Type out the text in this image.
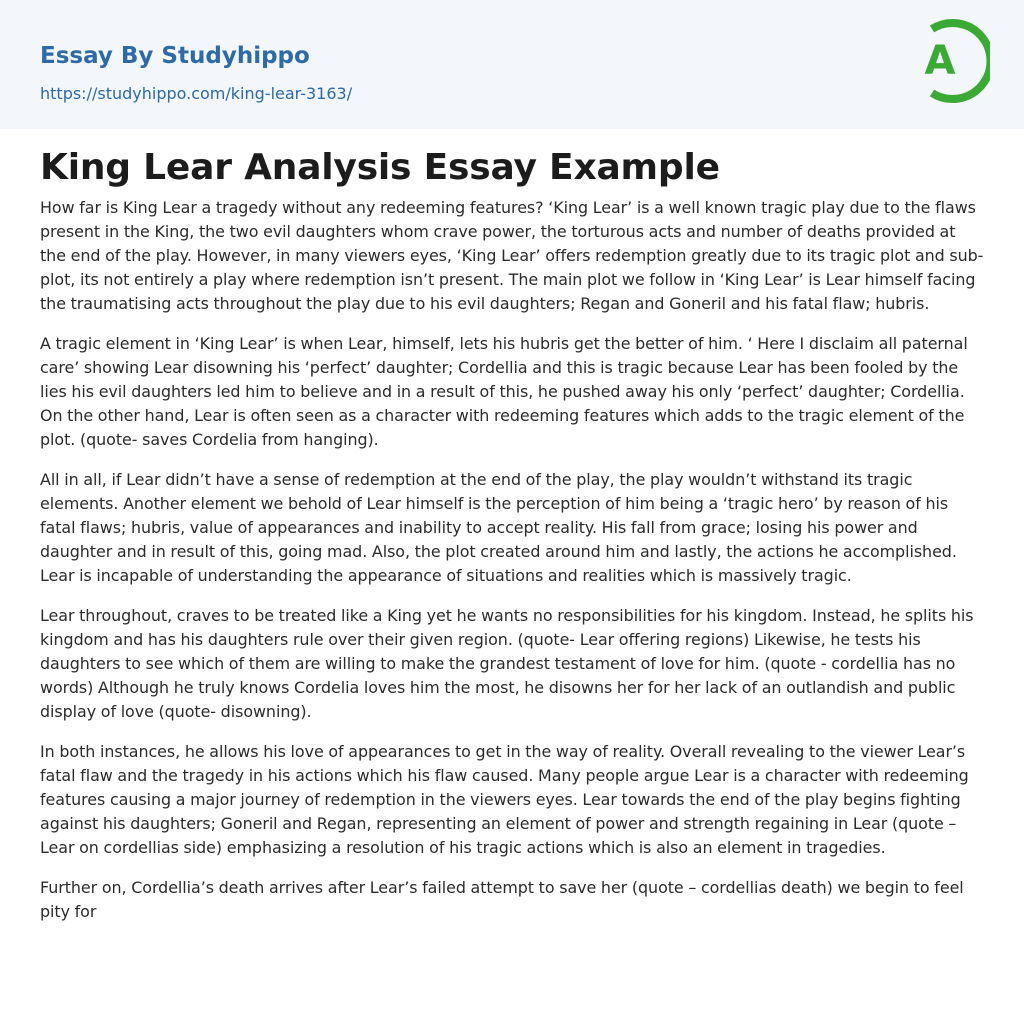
Essay By Studyhippo
https://studyhippo.com/king-lear-3163/
A
King Lear Analysis Essay Example

How far is King Lear a tragedy without any redeeming features? ‘King Lear’ is a well known tragic play due to the flaws present in the King, the two evil daughters whom crave power, the torturous acts and number of deaths provided at the end of the play. However, in many viewers eyes, ‘King Lear’ offers redemption greatly due to its tragic plot and sub-plot, its not entirely a play where redemption isn’t present. The main plot we follow in ‘King Lear’ is Lear himself facing the traumatising acts throughout the play due to his evil daughters; Regan and Goneril and his fatal flaw; hubris.

A tragic element in ‘King Lear’ is when Lear, himself, lets his hubris get the better of him. ‘ Here I disclaim all paternal care’ showing Lear disowning his ‘perfect’ daughter; Cordellia and this is tragic because Lear has been fooled by the lies his evil daughters led him to believe and in a result of this, he pushed away his only ‘perfect’ daughter; Cordellia. On the other hand, Lear is often seen as a character with redeeming features which adds to the tragic element of the plot. (quote- saves Cordelia from hanging).

All in all, if Lear didn’t have a sense of redemption at the end of the play, the play wouldn’t withstand its tragic elements. Another element we behold of Lear himself is the perception of him being a ‘tragic hero’ by reason of his fatal flaws; hubris, value of appearances and inability to accept reality. His fall from grace; losing his power and daughter and in result of this, going mad. Also, the plot created around him and lastly, the actions he accomplished. Lear is incapable of understanding the appearance of situations and realities which is massively tragic.

Lear throughout, craves to be treated like a King yet he wants no responsibilities for his kingdom. Instead, he splits his kingdom and has his daughters rule over their given region. (quote- Lear offering regions) Likewise, he tests his daughters to see which of them are willing to make the grandest testament of love for him. (quote - cordellia has no words) Although he truly knows Cordelia loves him the most, he disowns her for her lack of an outlandish and public display of love (quote- disowning).

In both instances, he allows his love of appearances to get in the way of reality. Overall revealing to the viewer Lear’s fatal flaw and the tragedy in his actions which his flaw caused. Many people argue Lear is a character with redeeming features causing a major journey of redemption in the viewers eyes. Lear towards the end of the play begins fighting against his daughters; Goneril and Regan, representing an element of power and strength regaining in Lear (quote – Lear on cordellias side) emphasizing a resolution of his tragic actions which is also an element in tragedies.

Further on, Cordellia’s death arrives after Lear’s failed attempt to save her (quote – cordellias death) we begin to feel pity for
